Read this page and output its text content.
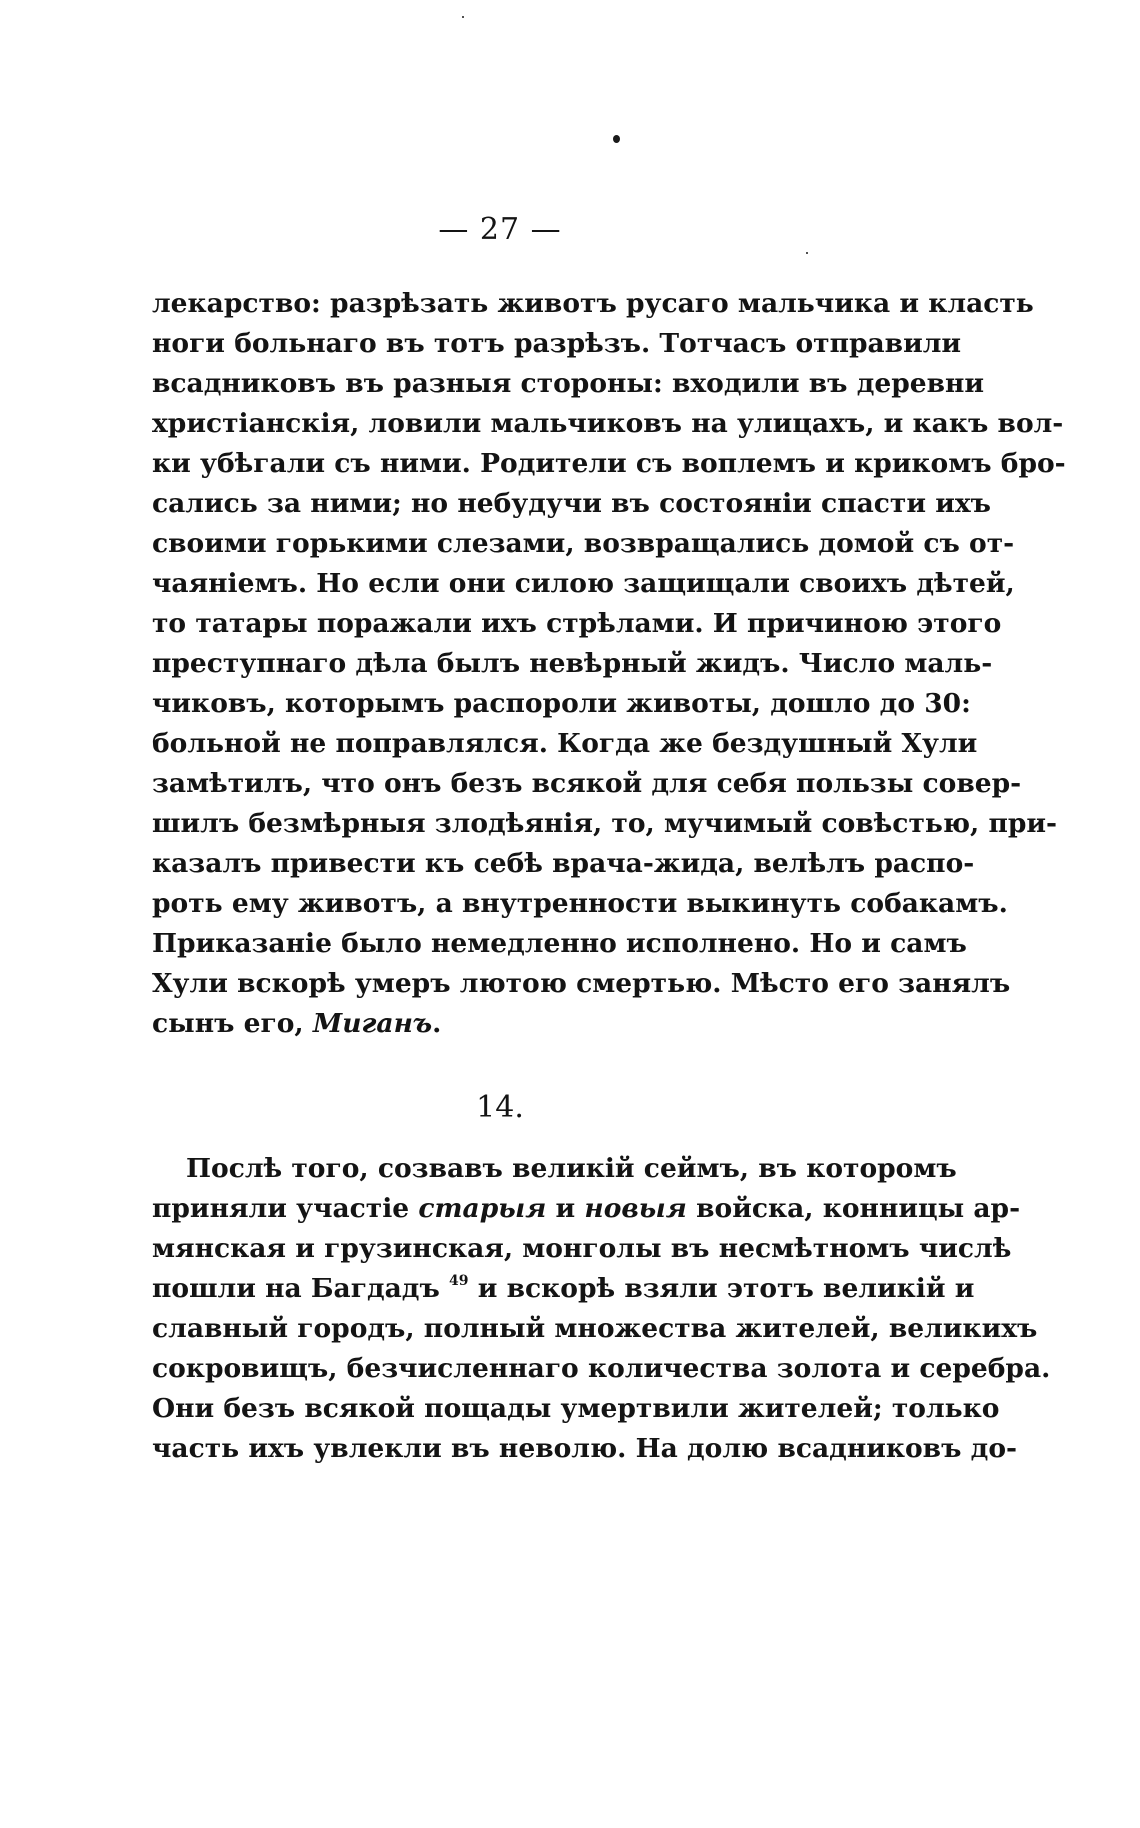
— 27 —
лекарство: разрѣзать животъ русаго мальчика и класть
ноги больнаго въ тотъ разрѣзъ. Тотчасъ отправили
всадниковъ въ разныя стороны: входили въ деревни
христіанскія, ловили мальчиковъ на улицахъ, и какъ вол-
ки убѣгали съ ними. Родители съ воплемъ и крикомъ бро-
сались за ними; но небудучи въ состояніи спасти ихъ
своими горькими слезами, возвращались домой съ от-
чаяніемъ. Но если они силою защищали своихъ дѣтей,
то татары поражали ихъ стрѣлами. И причиною этого
преступнаго дѣла былъ невѣрный жидъ. Число маль-
чиковъ, которымъ распороли животы, дошло до 30:
больной не поправлялся. Когда же бездушный Хули
замѣтилъ, что онъ безъ всякой для себя пользы совер-
шилъ безмѣрныя злодѣянія, то, мучимый совѣстью, при-
казалъ привести къ себѣ врача-жида, велѣлъ распо-
роть ему животъ, а внутренности выкинуть собакамъ.
Приказаніе было немедленно исполнено. Но и самъ
Хули вскорѣ умеръ лютою смертью. Мѣсто его занялъ
сынъ его, Миганъ.
14.
Послѣ того, созвавъ великій сеймъ, въ которомъ
приняли участіе старыя и новыя войска, конницы ар-
мянская и грузинская, монголы въ несмѣтномъ числѣ
пошли на Багдадъ $^{49}$ и вскорѣ взяли этотъ великій и
славный городъ, полный множества жителей, великихъ
сокровищъ, безчисленнаго количества золота и серебра.
Они безъ всякой пощады умертвили жителей; только
часть ихъ увлекли въ неволю. На долю всадниковъ до-
